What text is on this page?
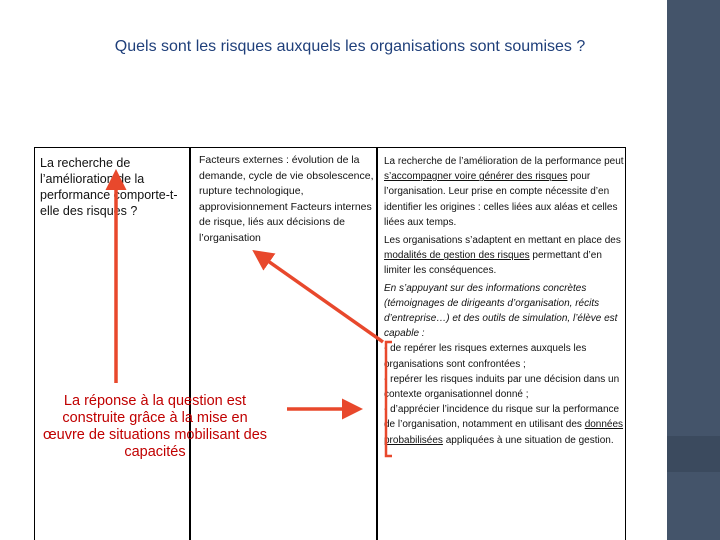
Quels sont les risques auxquels les organisations sont soumises ?
La recherche de l’amélioration de la performance comporte-t-elle des risques ?
Facteurs externes : évolution de la demande, cycle de vie obsolescence, rupture technologique, approvisionnement Facteurs internes de risque, liés aux décisions de l’organisation
La réponse à la question est construite grâce à la mise en œuvre de situations mobilisant des capacités

La recherche de l’amélioration de la performance peut s’accompagner voire générer des risques pour l’organisation. Leur prise en compte nécessite d’en identifier les origines : celles liées aux aléas et celles liées aux temps.

Les organisations s’adaptent en mettant en place des modalités de gestion des risques permettant d’en limiter les conséquences.

En s’appuyant sur des informations concrètes (témoignages de dirigeants d’organisation, récits d’entreprise…) et des outils de simulation, l’élève est capable :

- de repérer les risques externes auxquels les organisations sont confrontées ;

- repérer les risques induits par une décision dans un contexte organisationnel donné ;

- d’apprécier l’incidence du risque sur la performance de l’organisation, notamment en utilisant des données probabilisées appliquées à une situation de gestion.
